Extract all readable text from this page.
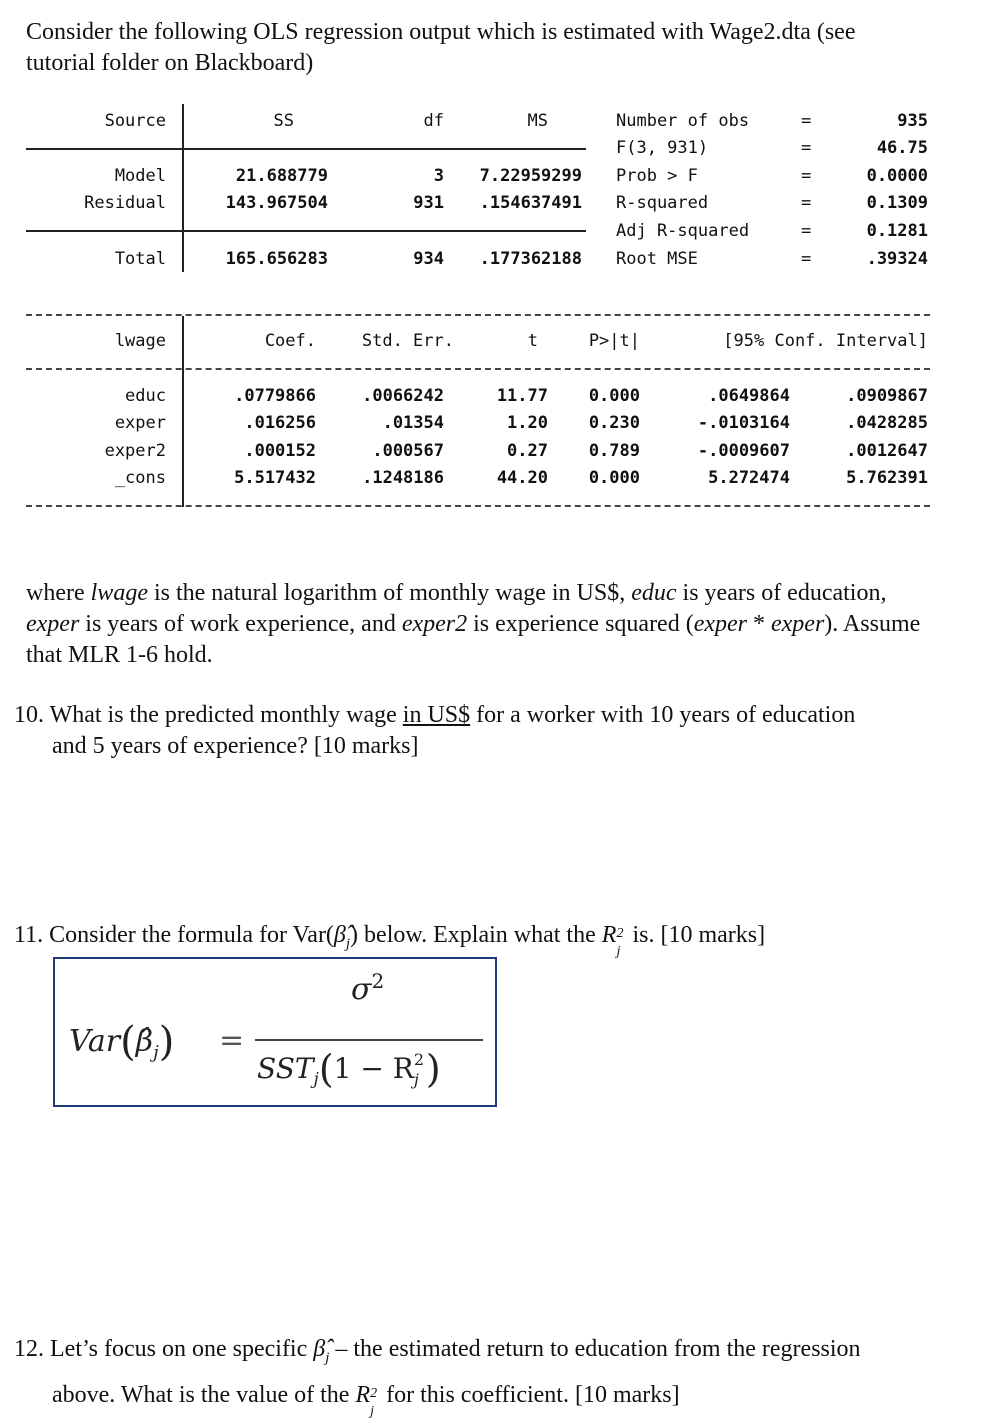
Consider the following OLS regression output which is estimated with Wage2.dta (see
tutorial folder on Blackboard)
Source	SS	df	MS
Model	21.688779	3	7.22959299
Residual	143.967504	931	.154637491
Total	165.656283	934	.177362188
Number of obs	=	935
F(3, 931)	=	46.75
Prob > F	=	0.0000
R-squared	=	0.1309
Adj R-squared	=	0.1281
Root MSE	=	.39324
lwage	Coef.	Std. Err.	t	P>|t|	[95% Conf. Interval]
educ	.0779866	.0066242	11.77	0.000	.0649864	.0909867
exper	.016256	.01354	1.20	0.230	-.0103164	.0428285
exper2	.000152	.000567	0.27	0.789	-.0009607	.0012647
_cons	5.517432	.1248186	44.20	0.000	5.272474	5.762391
where lwage is the natural logarithm of monthly wage in US$, educ is years of education,
exper is years of work experience, and exper2 is experience squared (exper * exper). Assume
that MLR 1-6 hold.
10. What is the predicted monthly wage in US$ for a worker with 10 years of education
and 5 years of experience? [10 marks]
11. Consider the formula for $Var(\betâ_j)$ below. Explain what the R 2
j
is. [10 marks]
$Var(\betâ_j)$ =
$\sigma^2$
$SST_j(1 - R$ 2
j )
12. Let’s focus on one specific $\betâ_j$ – the estimated return to education from the regression
above. What is the value of the R 2
j
for this coefficient. [10 marks]
